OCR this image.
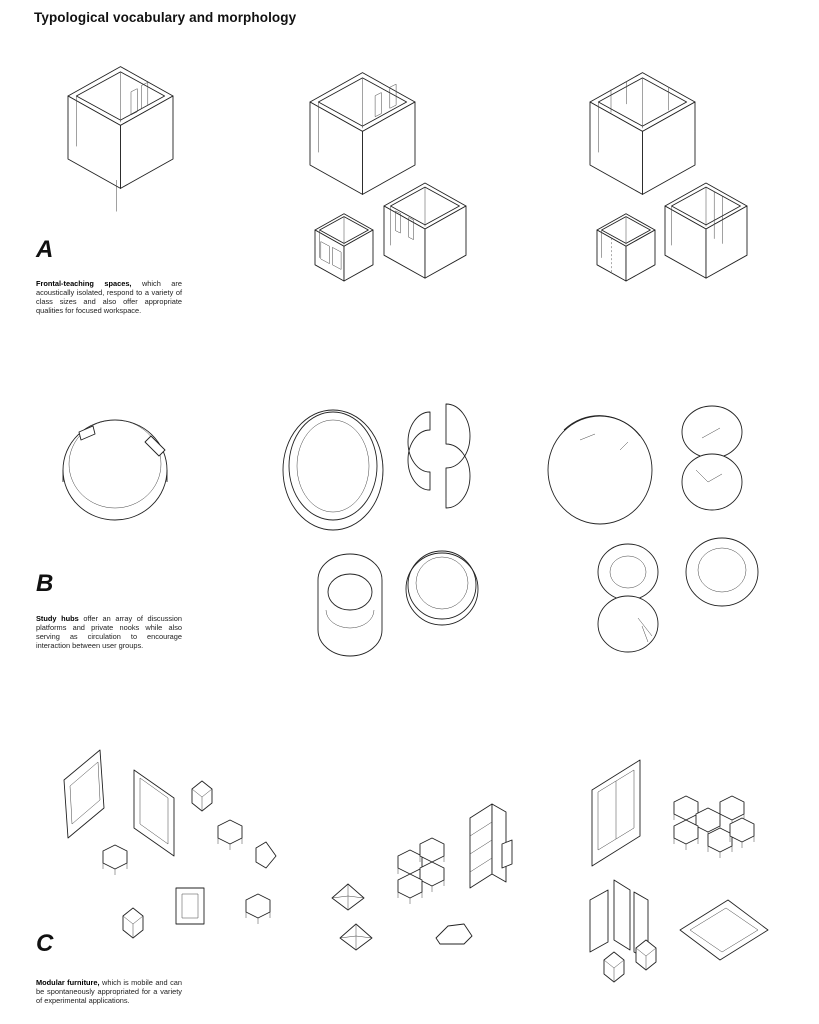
Typological vocabulary and morphology
A
Frontal-teaching spaces, which are acoustically isolated, respond to a variety of class sizes and also offer appropriate qualities for focused workspace.
B
Study hubs offer an array of discussion platforms and private nooks while also serving as circulation to encourage interaction between user groups.
C
Modular furniture, which is mobile and can be spontaneously appropriated for a variety of experimental applications.
